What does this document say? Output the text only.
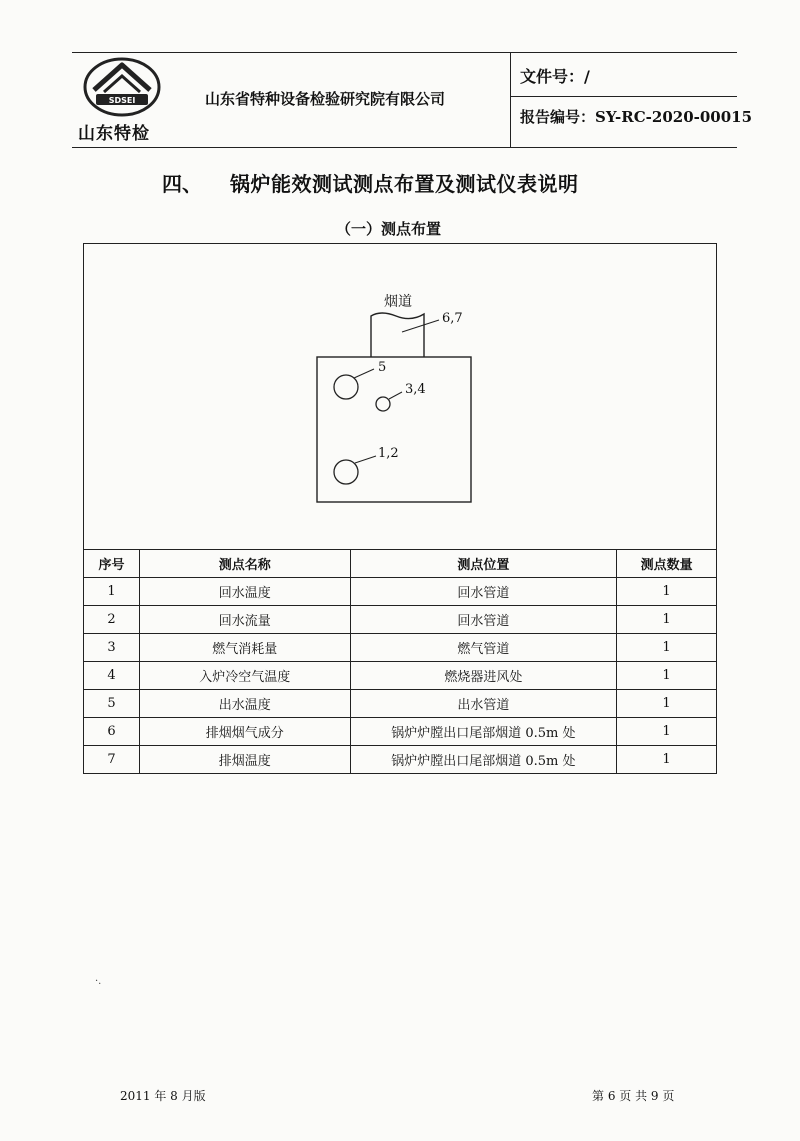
SDSEI
山东特检
山东省特种设备检验研究院有限公司
文件号：/
报告编号：SY-RC-2020-00015
四、 锅炉能效测试测点布置及测试仪表说明
（一）测点布置
烟道
6,7
5
3,4
1,2
序号	测点名称	测点位置	测点数量
1	回水温度	回水管道	1
2	回水流量	回水管道	1
3	燃气消耗量	燃气管道	1
4	入炉冷空气温度	燃烧器进风处	1
5	出水温度	出水管道	1
6	排烟烟气成分	锅炉炉膛出口尾部烟道 0.5m 处	1
7	排烟温度	锅炉炉膛出口尾部烟道 0.5m 处	1
·.
2011 年 8 月版	第 6 页 共 9 页
